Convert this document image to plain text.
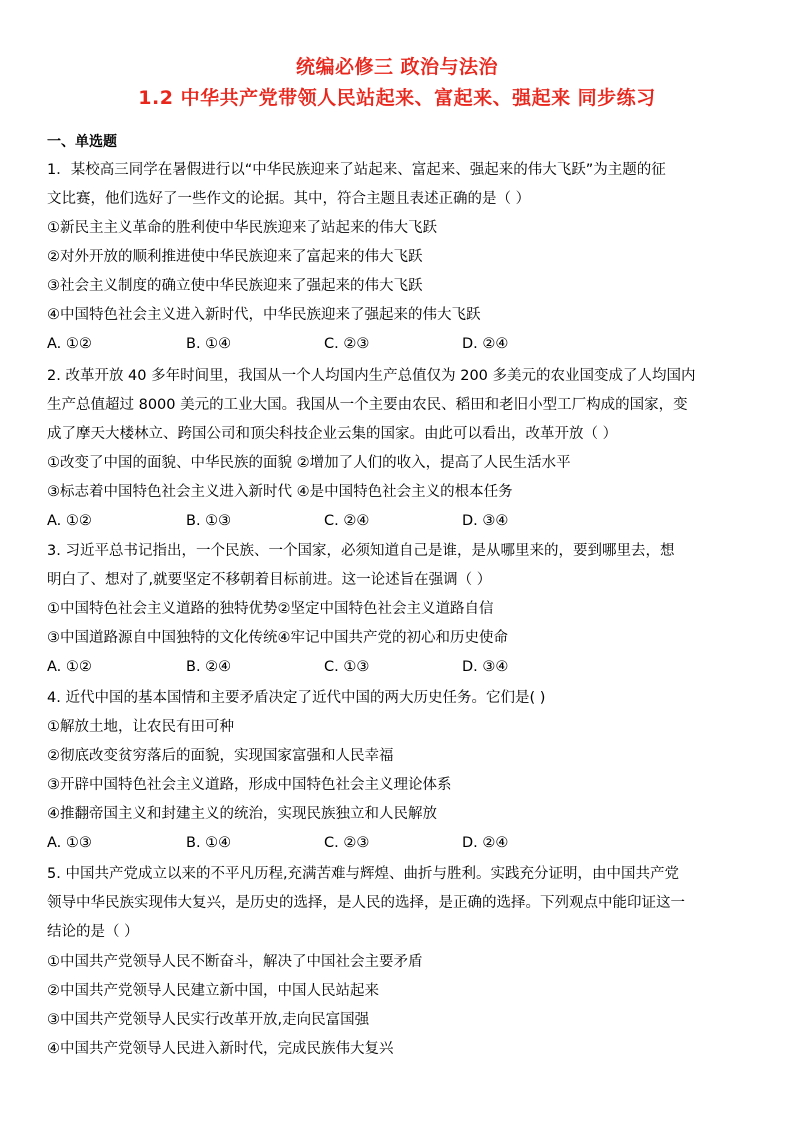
统编必修三 政治与法治
1.2 中华共产党带领人民站起来、富起来、强起来 同步练习
一、单选题
1．某校高三同学在暑假进行以“中华民族迎来了站起来、富起来、强起来的伟大飞跃”为主题的征
文比赛，他们选好了一些作文的论据。其中，符合主题且表述正确的是（ ）
①新民主主义革命的胜利使中华民族迎来了站起来的伟大飞跃
②对外开放的顺利推进使中华民族迎来了富起来的伟大飞跃
③社会主义制度的确立使中华民族迎来了强起来的伟大飞跃
④中国特色社会主义进入新时代，中华民族迎来了强起来的伟大飞跃
A. ①②	B. ①④	C. ②③	D. ②④
2. 改革开放 40 多年时间里，我国从一个人均国内生产总值仅为 200 多美元的农业国变成了人均国内
生产总值超过 8000 美元的工业大国。我国从一个主要由农民、稻田和老旧小型工厂构成的国家，变
成了摩天大楼林立、跨国公司和顶尖科技企业云集的国家。由此可以看出，改革开放（ ）
①改变了中国的面貌、中华民族的面貌 ②增加了人们的收入，提高了人民生活水平
③标志着中国特色社会主义进入新时代 ④是中国特色社会主义的根本任务
A. ①②	B. ①③	C. ②④	D. ③④
3. 习近平总书记指出，一个民族、一个国家，必须知道自己是谁，是从哪里来的，要到哪里去，想
明白了、想对了,就要坚定不移朝着目标前进。这一论述旨在强调（ ）
①中国特色社会主义道路的独特优势②坚定中国特色社会主义道路自信
③中国道路源自中国独特的文化传统④牢记中国共产党的初心和历史使命
A. ①②	B. ②④	C. ①③	D. ③④
4. 近代中国的基本国情和主要矛盾决定了近代中国的两大历史任务。它们是( )
①解放土地，让农民有田可种
②彻底改变贫穷落后的面貌，实现国家富强和人民幸福
③开辟中国特色社会主义道路，形成中国特色社会主义理论体系
④推翻帝国主义和封建主义的统治，实现民族独立和人民解放
A. ①③	B. ①④	C. ②③	D. ②④
5. 中国共产党成立以来的不平凡历程,充满苦难与辉煌、曲折与胜利。实践充分证明，由中国共产党
领导中华民族实现伟大复兴，是历史的选择，是人民的选择，是正确的选择。下列观点中能印证这一
结论的是（ ）
①中国共产党领导人民不断奋斗，解决了中国社会主要矛盾
②中国共产党领导人民建立新中国，中国人民站起来
③中国共产党领导人民实行改革开放,走向民富国强
④中国共产党领导人民进入新时代，完成民族伟大复兴
